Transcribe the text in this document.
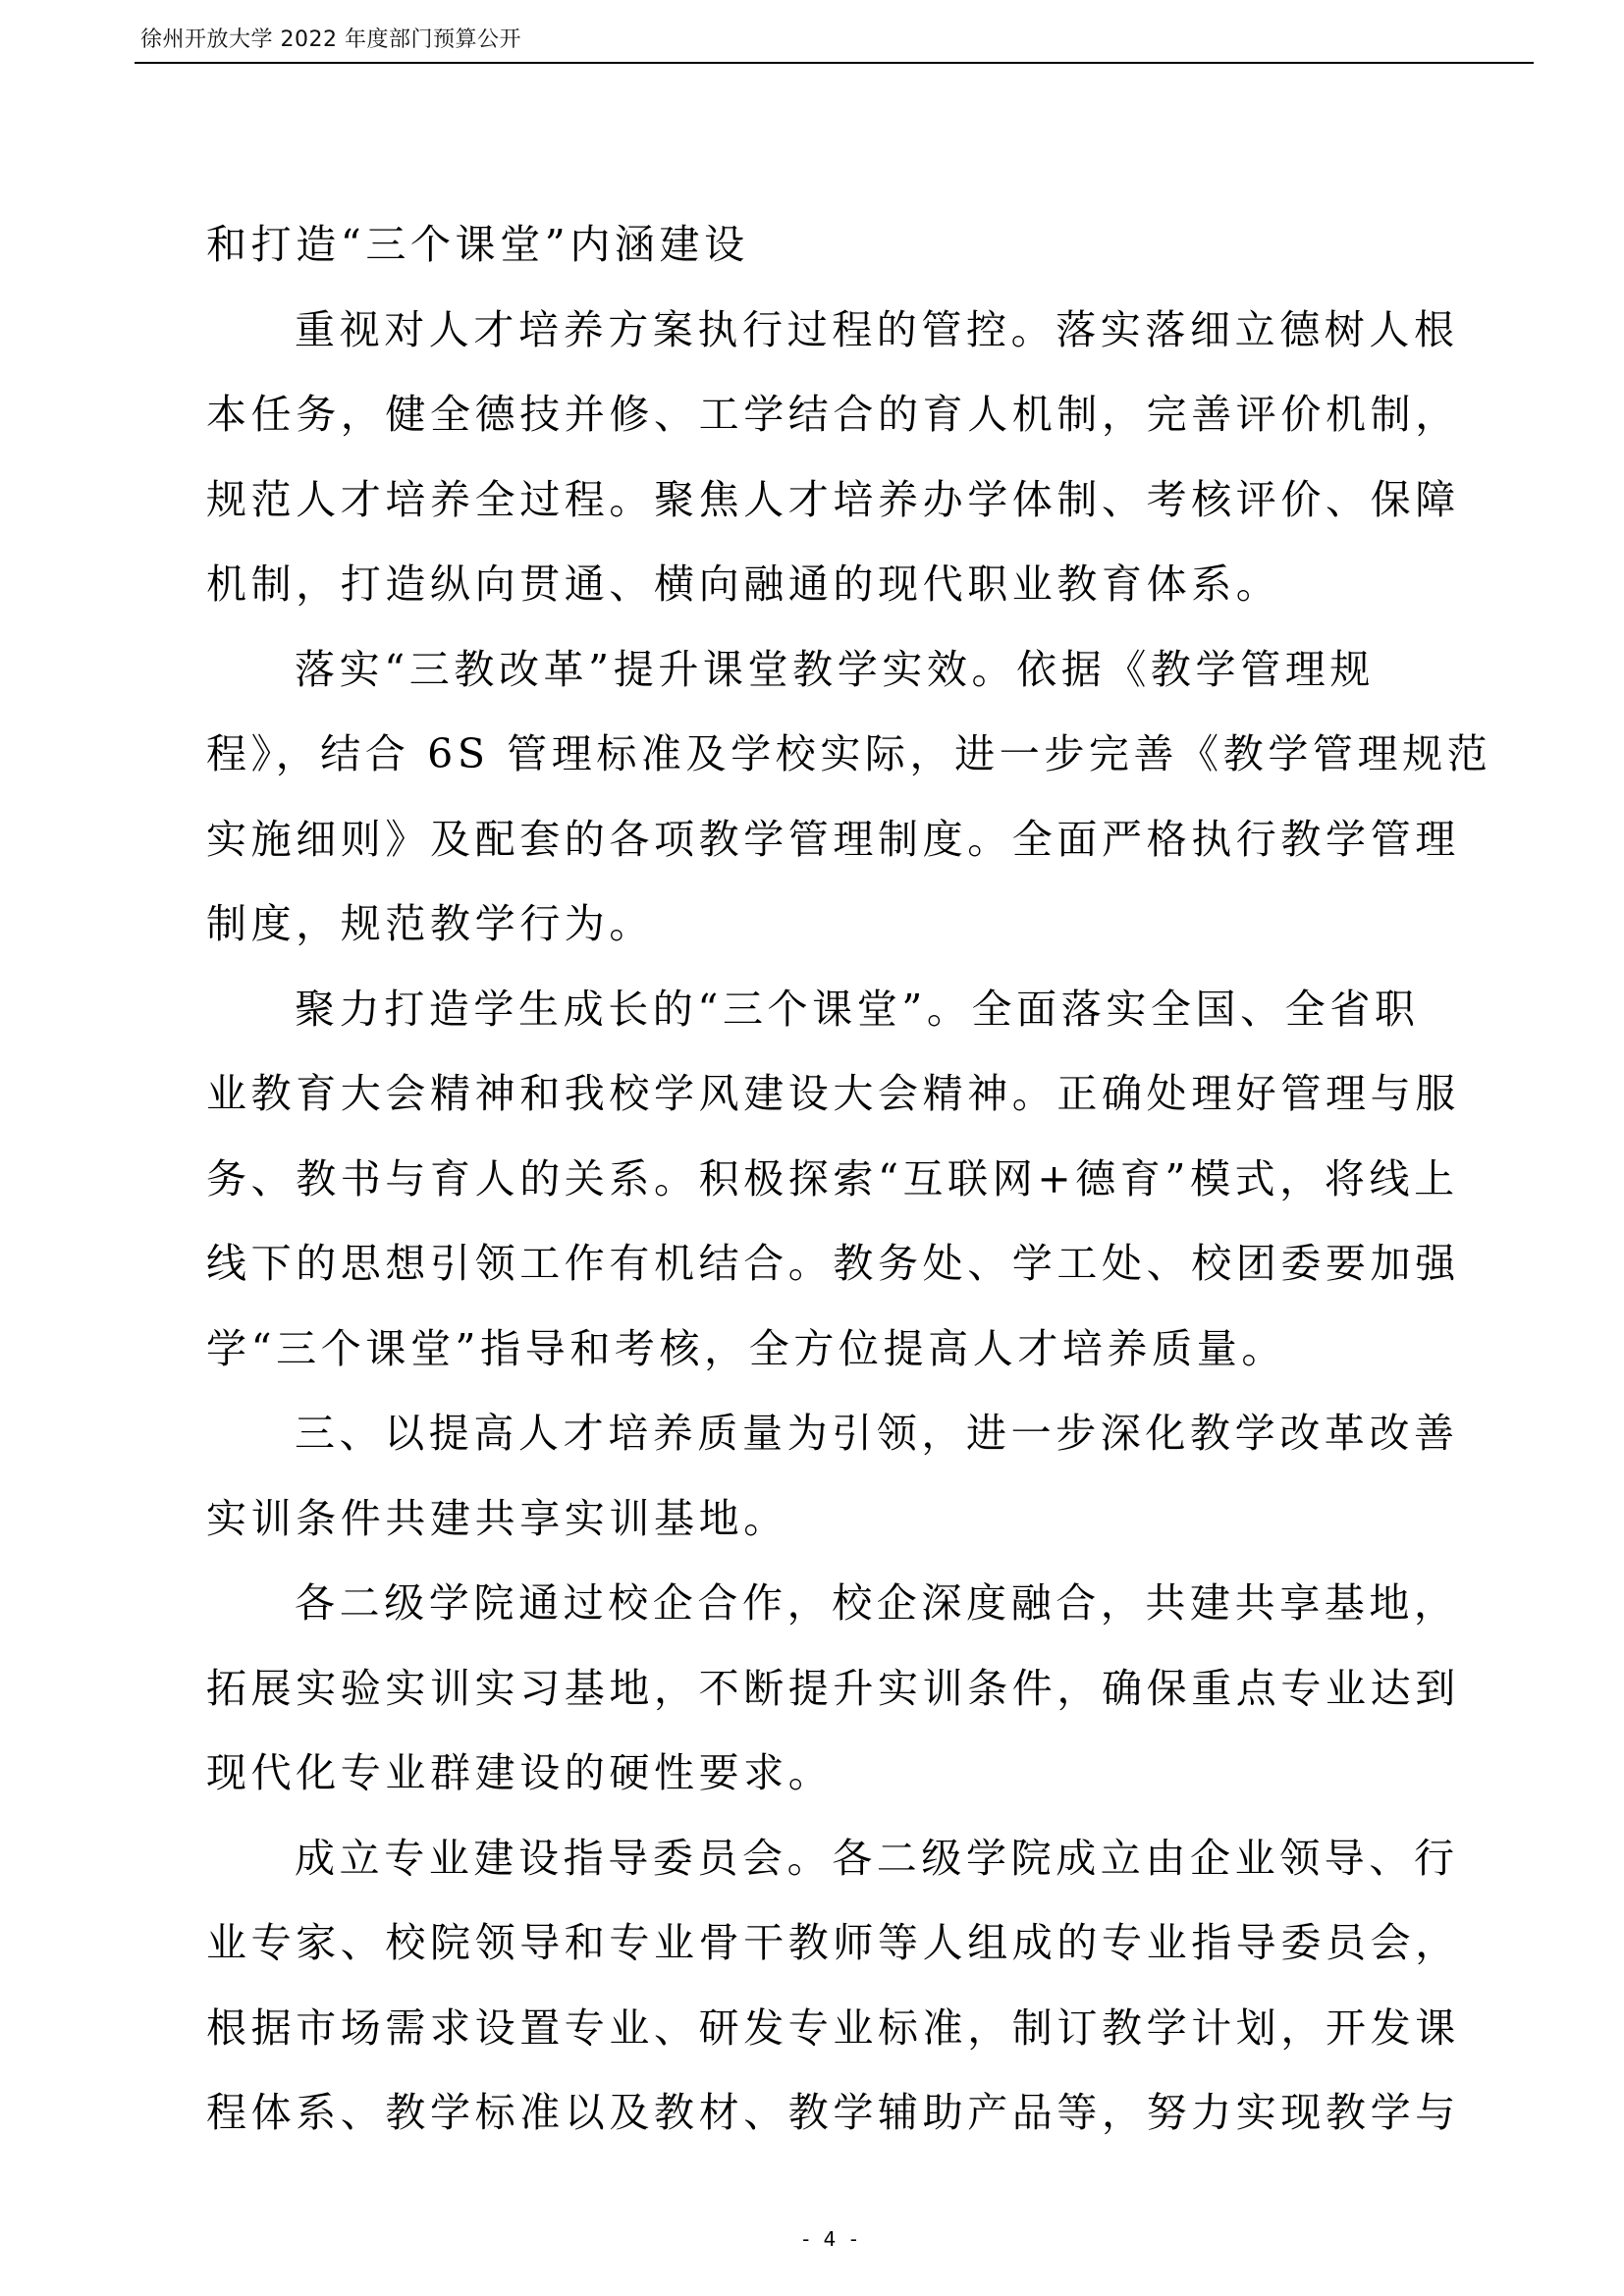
徐州开放大学 2022 年度部门预算公开
和打造“三个课堂”内涵建设
重视对人才培养方案执行过程的管控。落实落细立德树人根
本任务，健全德技并修、工学结合的育人机制，完善评价机制，
规范人才培养全过程。聚焦人才培养办学体制、考核评价、保障
机制，打造纵向贯通、横向融通的现代职业教育体系。
落实“三教改革”提升课堂教学实效。依据《教学管理规
程》，结合 6S 管理标准及学校实际，进一步完善《教学管理规范
实施细则》及配套的各项教学管理制度。全面严格执行教学管理
制度，规范教学行为。
聚力打造学生成长的“三个课堂”。全面落实全国、全省职
业教育大会精神和我校学风建设大会精神。正确处理好管理与服
务、教书与育人的关系。积极探索“互联网+德育”模式，将线上
线下的思想引领工作有机结合。教务处、学工处、校团委要加强
学“三个课堂”指导和考核，全方位提高人才培养质量。
三、以提高人才培养质量为引领，进一步深化教学改革改善
实训条件共建共享实训基地。
各二级学院通过校企合作，校企深度融合，共建共享基地，
拓展实验实训实习基地，不断提升实训条件，确保重点专业达到
现代化专业群建设的硬性要求。
成立专业建设指导委员会。各二级学院成立由企业领导、行
业专家、校院领导和专业骨干教师等人组成的专业指导委员会，
根据市场需求设置专业、研发专业标准，制订教学计划，开发课
程体系、教学标准以及教材、教学辅助产品等，努力实现教学与
- 4 -
